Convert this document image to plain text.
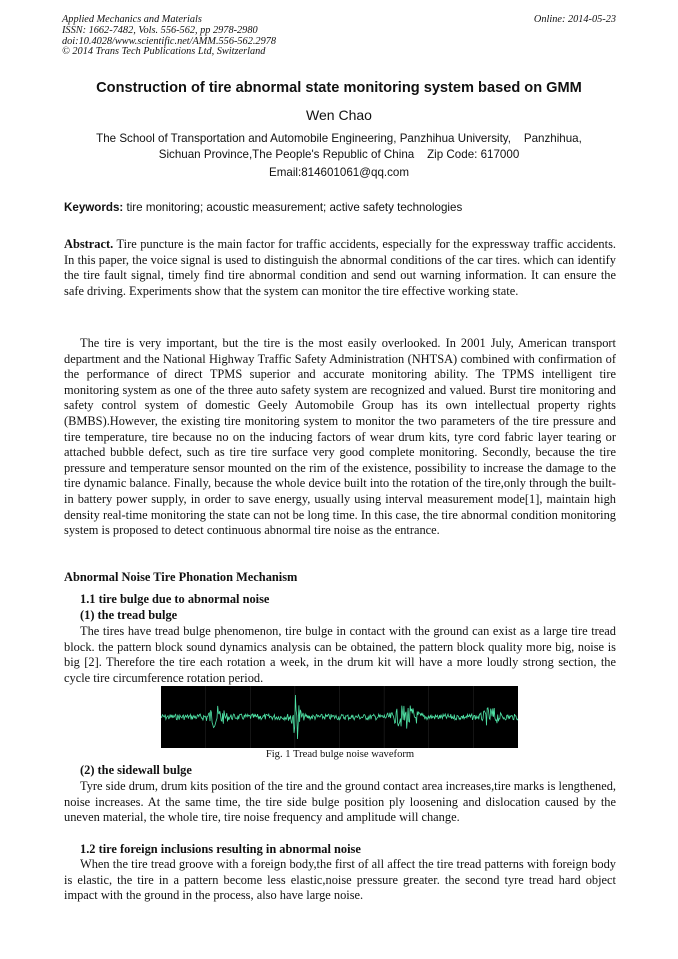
Applied Mechanics and Materials
ISSN: 1662-7482, Vols. 556-562, pp 2978-2980
doi:10.4028/www.scientific.net/AMM.556-562.2978
© 2014 Trans Tech Publications Ltd, Switzerland
Online: 2014-05-23
Construction of tire abnormal state monitoring system based on GMM
Wen Chao
The School of Transportation and Automobile Engineering, Panzhihua University,    Panzhihua,
Sichuan Province,The People's Republic of China    Zip Code: 617000
Email:814601061@qq.com
Keywords: tire monitoring; acoustic measurement; active safety technologies
Abstract. Tire puncture is the main factor for traffic accidents, especially for the expressway traffic accidents. In this paper, the voice signal is used to distinguish the abnormal conditions of the car tires. which can identify the tire fault signal, timely find tire abnormal condition and send out warning information. It can ensure the safe driving. Experiments show that the system can monitor the tire effective working state.
The tire is very important, but the tire is the most easily overlooked. In 2001 July, American transport department and the National Highway Traffic Safety Administration (NHTSA) combined with confirmation of the performance of direct TPMS superior and accurate monitoring ability. The TPMS intelligent tire monitoring system as one of the three auto safety system are recognized and valued. Burst tire monitoring and safety control system of domestic Geely Automobile Group has its own intellectual property rights (BMBS).However, the existing tire monitoring system to monitor the two parameters of the tire pressure and tire temperature, tire because no on the inducing factors of wear drum kits, tyre cord fabric layer tearing or attached bubble defect, such as tire tire surface very good complete monitoring. Secondly, because the tire pressure and temperature sensor mounted on the rim of the existence, possibility to increase the damage to the tire dynamic balance. Finally, because the whole device built into the rotation of the tire,only through the built-in battery power supply, in order to save energy, usually using interval measurement mode[1], maintain high density real-time monitoring the state can not be long time. In this case, the tire abnormal condition monitoring system is proposed to detect continuous abnormal tire noise as the entrance.
Abnormal Noise Tire Phonation Mechanism
1.1 tire bulge due to abnormal noise
(1) the tread bulge
The tires have tread bulge phenomenon, tire bulge in contact with the ground can exist as a large tire tread block. the pattern block sound dynamics analysis can be obtained, the pattern block quality more big, noise is big [2]. Therefore the tire each rotation a week, in the drum kit will have a more loudly strong section, the cycle tire circumference rotation period.
Fig. 1 Tread bulge noise waveform
(2) the sidewall bulge
Tyre side drum, drum kits position of the tire and the ground contact area increases,tire marks is lengthened, noise increases. At the same time, the tire side bulge position ply loosening and dislocation caused by the uneven material, the whole tire, tire noise frequency and amplitude will change.
1.2 tire foreign inclusions resulting in abnormal noise
When the tire tread groove with a foreign body,the first of all affect the tire tread patterns with foreign body is elastic, the tire in a pattern become less elastic,noise pressure greater. the second tyre tread hard object impact with the ground in the process, also have large noise.
